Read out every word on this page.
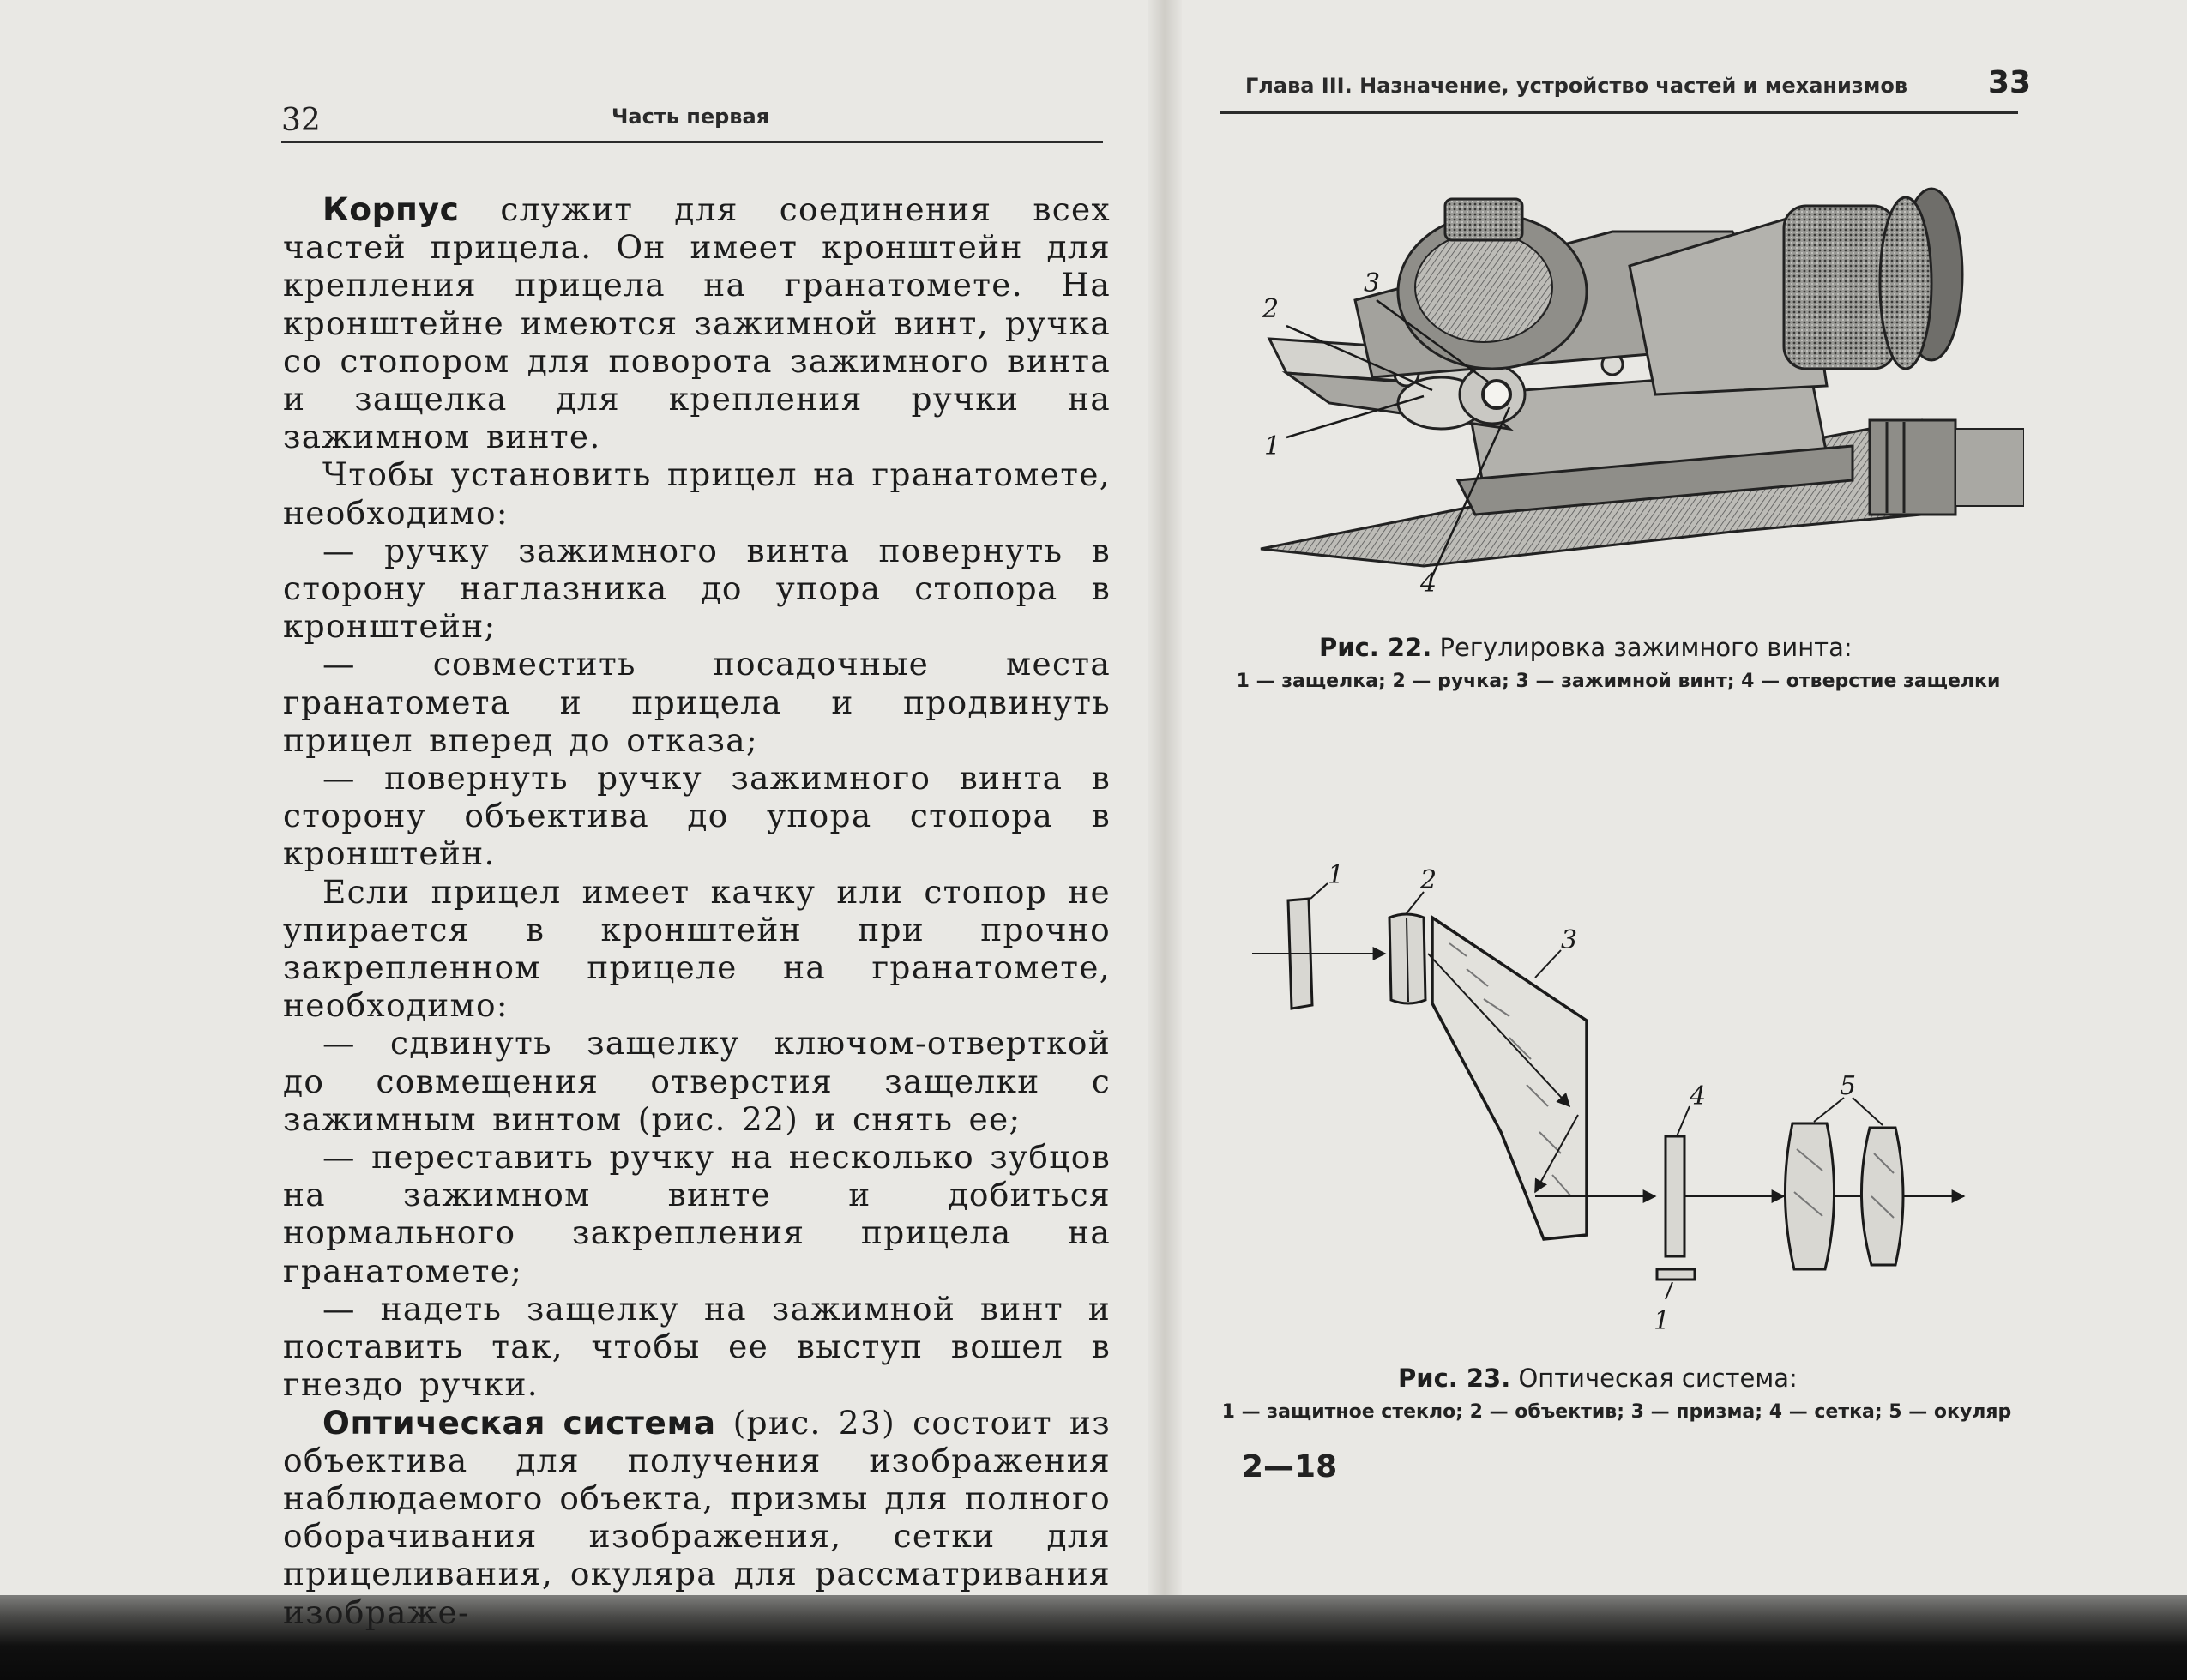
32	Часть первая

Корпус служит для соединения всех частей прицела. Он имеет кронштейн для крепления прицела на гранатомете. На кронштейне имеются зажимной винт, ручка со стопором для поворота зажимного винта и защелка для крепления ручки на зажимном винте.

Чтобы установить прицел на гранатомете, необходимо:

— ручку зажимного винта повернуть в сторону наглазника до упора стопора в кронштейн;

— совместить посадочные места гранатомета и прицела и продвинуть прицел вперед до отказа;

— повернуть ручку зажимного винта в сторону объектива до упора стопора в кронштейн.

Если прицел имеет качку или стопор не упирается в кронштейн при прочно закрепленном прицеле на гранатомете, необходимо:

— сдвинуть защелку ключом-отверткой до совмещения отверстия защелки с зажимным винтом (рис. 22) и снять ее;

— переставить ручку на несколько зубцов на зажимном винте и добиться нормального закрепления прицела на гранатомете;

— надеть защелку на зажимной винт и поставить так, чтобы ее выступ вошел в гнездо ручки.

Оптическая система (рис. 23) состоит из объектива для получения изображения наблюдаемого объекта, призмы для полного оборачивания изображения, сетки для прицеливания, окуляра для рассматривания изображе-

Глава III. Назначение, устройство частей и механизмов	33
2
3
1
4
Рис. 22. Регулировка зажимного винта:
1 — защелка; 2 — ручка; 3 — зажимной винт; 4 — отверстие защелки
1	2
3
4	5
1
Рис. 23. Оптическая система:
1 — защитное стекло; 2 — объектив; 3 — призма; 4 — сетка; 5 — окуляр
2—18
